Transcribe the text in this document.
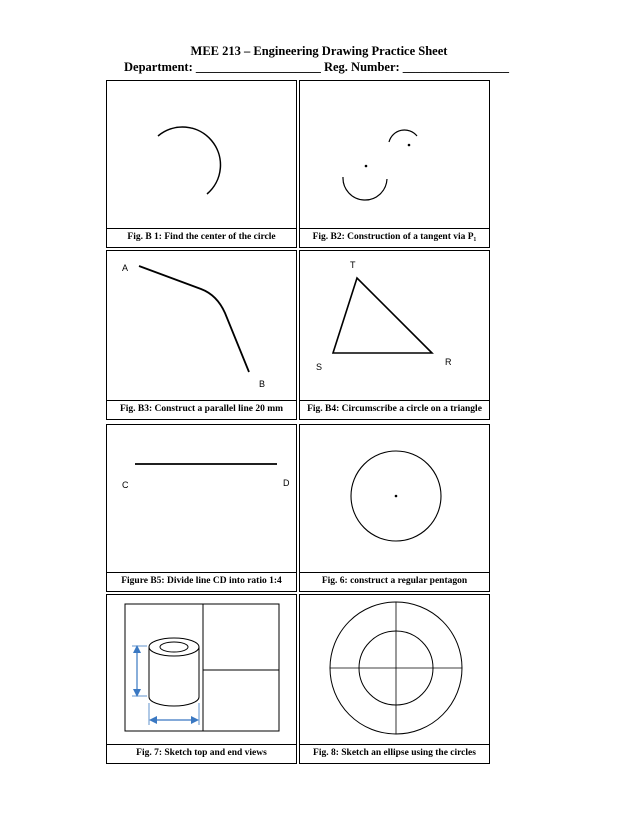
MEE 213 – Engineering Drawing Practice Sheet
Department: ____________________ Reg. Number: _________________
Fig. B 1: Find the center of the circle	Fig. B2: Construction of a tangent via P₁
A
B
Fig. B3: Construct a parallel line 20 mm
T
S	R
Fig. B4: Circumscribe a circle on a triangle
C	D
Figure B5: Divide line CD into ratio 1:4	Fig. 6: construct a regular pentagon
Fig. 7: Sketch top and end views	Fig. 8: Sketch an ellipse using the circles
